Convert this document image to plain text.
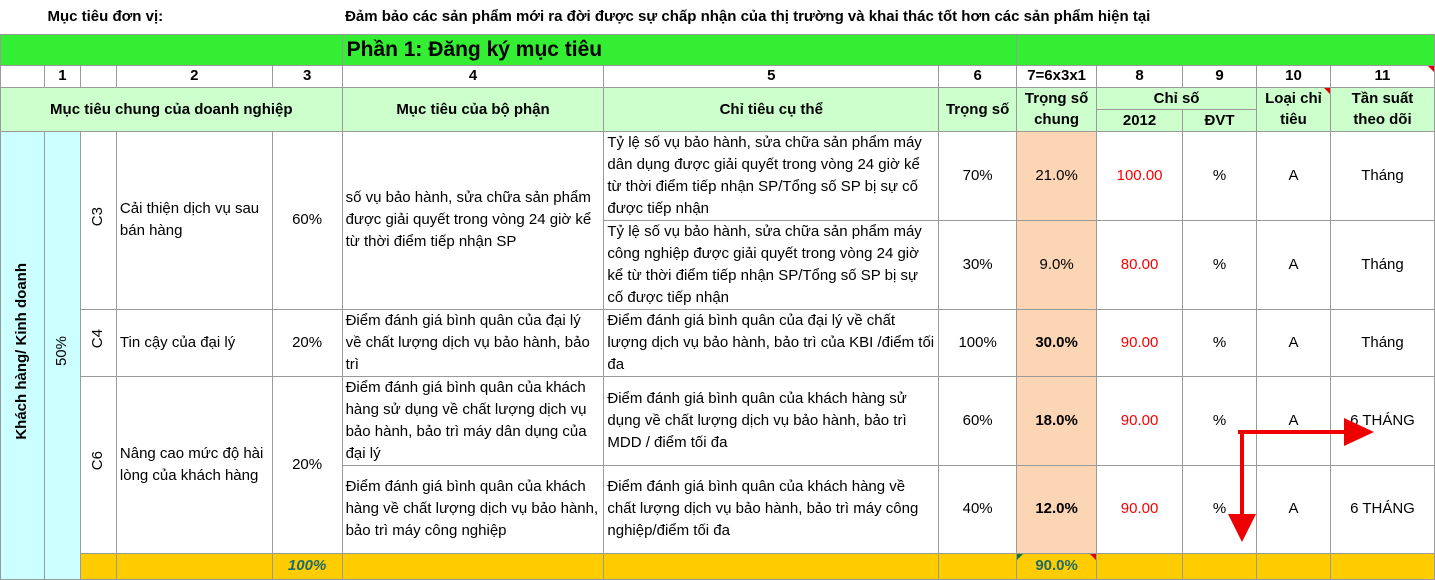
	Mục tiêu đơn vị:				Đảm bảo các sản phẩm mới ra đời được sự chấp nhận của thị trường và khai thác tốt hơn các sản phẩm hiện tại							
					Phần 1: Đăng ký mục tiêu							
	1		2	3	4	5	6	7=6x3x1	8	9	10	11
Mục tiêu chung của doanh nghiệp					Mục tiêu của bộ phận	Chỉ tiêu cụ thể	Trọng số	Trọng số chung	Chỉ số		Loại chỉ tiêu	Tần suất theo dõi
									2012	ĐVT		
Khách hàng/ Kinh doanh	50%	C3	Cải thiện dịch vụ sau bán hàng	60%	số vụ bảo hành, sửa chữa sản phẩm được giải quyết trong vòng 24 giờ kể từ thời điểm tiếp nhận SP	Tỷ lệ số vụ bảo hành, sửa chữa sản phẩm máy dân dụng được giải quyết trong vòng 24 giờ kể từ thời điểm tiếp nhận SP/Tổng số SP bị sự cố được tiếp nhận	70%	21.0%	100.00	%	A	Tháng
						Tỷ lệ số vụ bảo hành, sửa chữa sản phẩm máy công nghiệp được giải quyết trong vòng 24 giờ kể từ thời điểm tiếp nhận SP/Tổng số SP bị sự cố được tiếp nhận	30%	9.0%	80.00	%	A	Tháng
		C4	Tin cậy của đại lý	20%	Điểm đánh giá bình quân của đại lý về chất lượng dịch vụ bảo hành, bảo trì	Điểm đánh giá bình quân của đại lý về chất lượng dịch vụ bảo hành, bảo trì của KBI /điểm tối đa	100%	30.0%	90.00	%	A	Tháng
		C6	Nâng cao mức độ hài lòng của khách hàng	20%	Điểm đánh giá bình quân của khách hàng sử dụng về chất lượng dịch vụ bảo hành, bảo trì máy dân dụng của đại lý	Điểm đánh giá bình quân của khách hàng sử dụng về chất lượng dịch vụ bảo hành, bảo trì MDD / điểm tối đa	60%	18.0%	90.00	%	A	6 THÁNG
					Điểm đánh giá bình quân của khách hàng về chất lượng dịch vụ bảo hành, bảo trì máy công nghiệp	Điểm đánh giá bình quân của khách hàng về chất lượng dịch vụ bảo hành, bảo trì máy công nghiệp/điểm tối đa	40%	12.0%	90.00	%	A	6 THÁNG
				100%				90.0%				
